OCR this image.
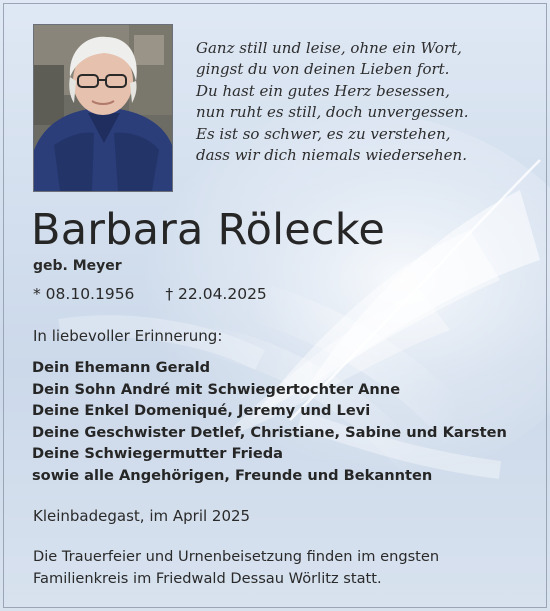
Ganz still und leise, ohne ein Wort,
gingst du von deinen Lieben fort.
Du hast ein gutes Herz besessen,
nun ruht es still, doch unvergessen.
Es ist so schwer, es zu verstehen,
dass wir dich niemals wiedersehen.
Barbara Rölecke
geb. Meyer
* 08.10.1956 † 22.04.2025
In liebevoller Erinnerung:
Dein Ehemann Gerald
Dein Sohn André mit Schwiegertochter Anne
Deine Enkel Domeniqué, Jeremy und Levi
Deine Geschwister Detlef, Christiane, Sabine und Karsten
Deine Schwiegermutter Frieda
sowie alle Angehörigen, Freunde und Bekannten
Kleinbadegast, im April 2025
Die Trauerfeier und Urnenbeisetzung finden im engsten
Familienkreis im Friedwald Dessau Wörlitz statt.
